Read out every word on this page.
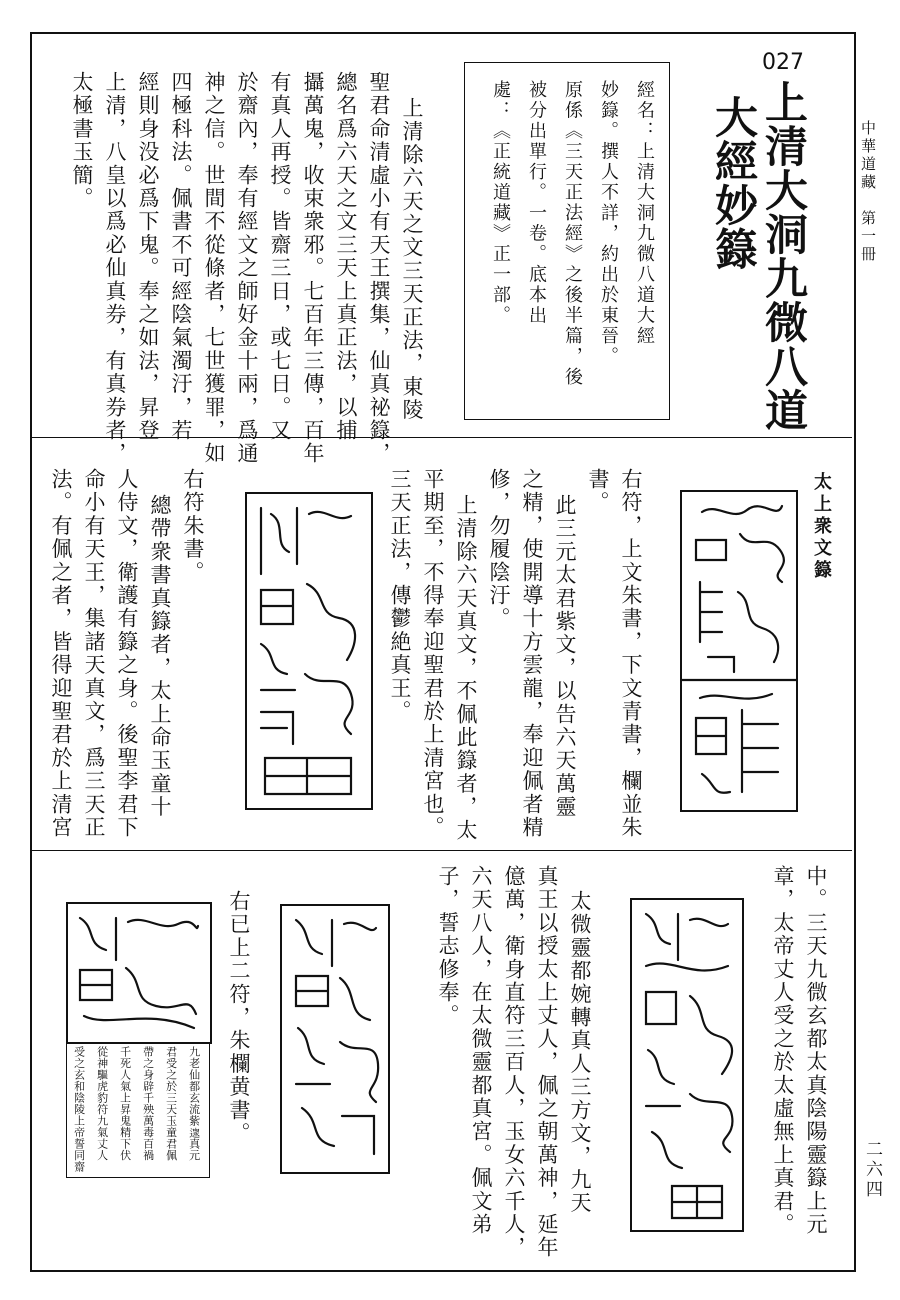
中華道藏　第一冊
二六四
027
上清大洞九微八道
大經妙籙
經名：上清大洞九微八道大經
妙籙。撰人不詳，約出於東晉。
原係《三天正法經》之後半篇，後
被分出單行。一卷。底本出
處：《正統道藏》正一部。
上清除六天之文三天正法，東陵
聖君命清虛小有天王撰集，仙真祕籙，
總名爲六天之文三天上真正法，以捕
攝萬鬼，收束衆邪。七百年三傳，百年
有真人再授。皆齋三日，或七日。又
於齋內，奉有經文之師好金十兩，爲通
神之信。世間不從條者，七世獲罪，如
四極科法。佩書不可經陰氣濁汙，若
經則身没必爲下鬼。奉之如法，昇登
上清，八皇以爲必仙真券，有真券者，
太極書玉簡。
太上衆文籙
右符，上文朱書，下文青書，欄並朱
書。
此三元太君紫文，以告六天萬靈
之精，使開導十方雲龍，奉迎佩者精
修，勿履陰汙。
上清除六天真文，不佩此籙者，太
平期至，不得奉迎聖君於上清宮也。
三天正法，傳鬱絶真王。
右符朱書。
總帶衆書真籙者，太上命玉童十
人侍文，衛護有籙之身。後聖李君下
命小有天王，集諸天真文，爲三天正
法。有佩之者，皆得迎聖君於上清宮
中。三天九微玄都太真陰陽靈籙上元
章，太帝丈人受之於太虛無上真君。
太微靈都婉轉真人三方文，九天
真王以授太上丈人，佩之朝萬神，延年
億萬，衛身直符三百人，玉女六千人，
六天八人，在太微靈都真宮。佩文弟
子，誓志修奉。
右已上二符，朱欄黄書。
九老仙都玄流紫𨖼真元
君受之於三天玉童君佩
帶之身辟千殃萬毒百禍
千死人氣上昇鬼精下伏
從神驅虎豹符九氣丈人
受之玄和陰陵上帝誓同齋
